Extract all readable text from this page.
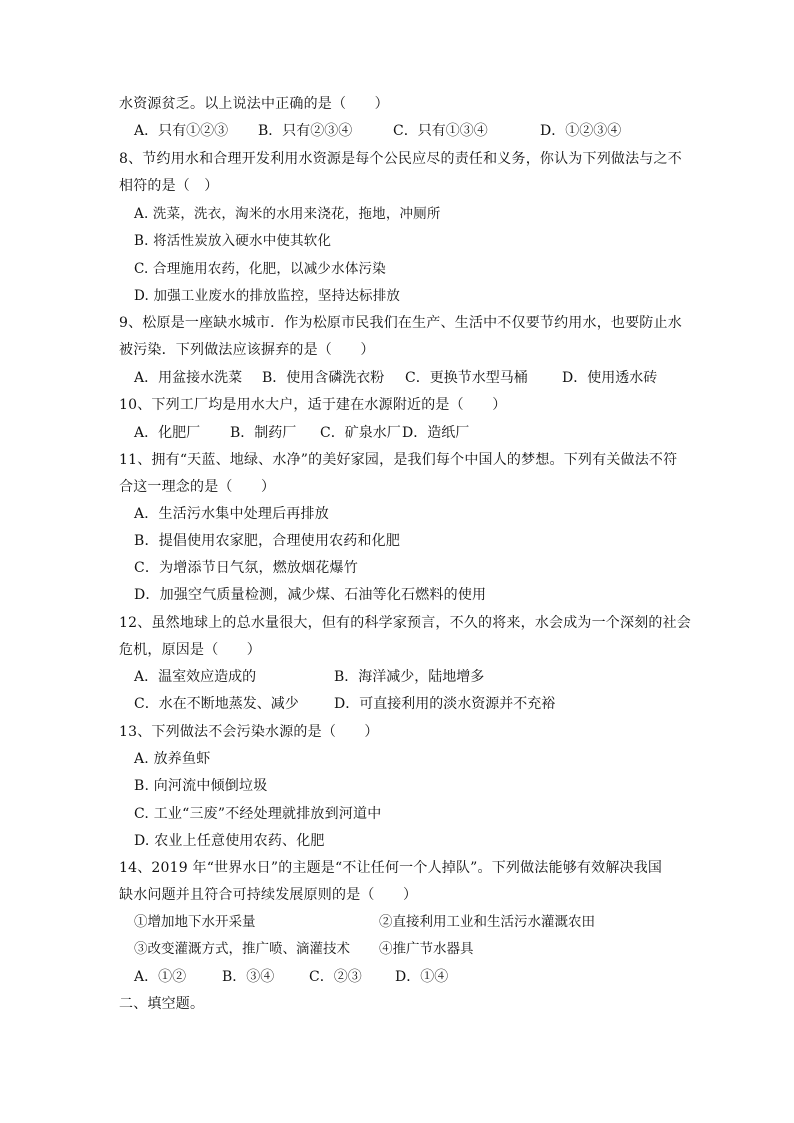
水资源贫乏。以上说法中正确的是（　　）
A．只有①②③ B．只有②③④	C．只有①③④	D．①②③④
8、节约用水和合理开发利用水资源是每个公民应尽的责任和义务，你认为下列做法与之不
相符的是（　）
A. 洗菜，洗衣，淘米的水用来浇花，拖地，冲厕所
B. 将活性炭放入硬水中使其软化
C. 合理施用农药，化肥，以减少水体污染
D. 加强工业废水的排放监控，坚持达标排放
9、松原是一座缺水城市．作为松原市民我们在生产、生活中不仅要节约用水，也要防止水
被污染．下列做法应该摒弃的是（　　）
A．用盆接水洗菜 B．使用含磷洗衣粉 C．更换节水型马桶 D．使用透水砖
10、下列工厂均是用水大户，适于建在水源附近的是（　　）
A．化肥厂 B．制药厂 C．矿泉水厂 D．造纸厂
11、拥有“天蓝、地绿、水净”的美好家园，是我们每个中国人的梦想。下列有关做法不符
合这一理念的是（　　）
A．生活污水集中处理后再排放
B．提倡使用农家肥，合理使用农药和化肥
C．为增添节日气氛，燃放烟花爆竹
D．加强空气质量检测，减少煤、石油等化石燃料的使用
12、虽然地球上的总水量很大，但有的科学家预言，不久的将来，水会成为一个深刻的社会
危机，原因是（　　）
A．温室效应造成的	B．海洋减少，陆地增多
C．水在不断地蒸发、减少	D．可直接利用的淡水资源并不充裕
13、下列做法不会污染水源的是（　　）
A. 放养鱼虾
B. 向河流中倾倒垃圾
C. 工业“三废”不经处理就排放到河道中
D. 农业上任意使用农药、化肥
14、2019 年“世界水日”的主题是“不让任何一个人掉队”。下列做法能够有效解决我国
缺水问题并且符合可持续发展原则的是（　　）
①增加地下水开采量	②直接利用工业和生活污水灌溉农田
③改变灌溉方式，推广喷、滴灌技术 ④推广节水器具
A．①②	B．③④ C．②③ D．①④
二、填空题。
